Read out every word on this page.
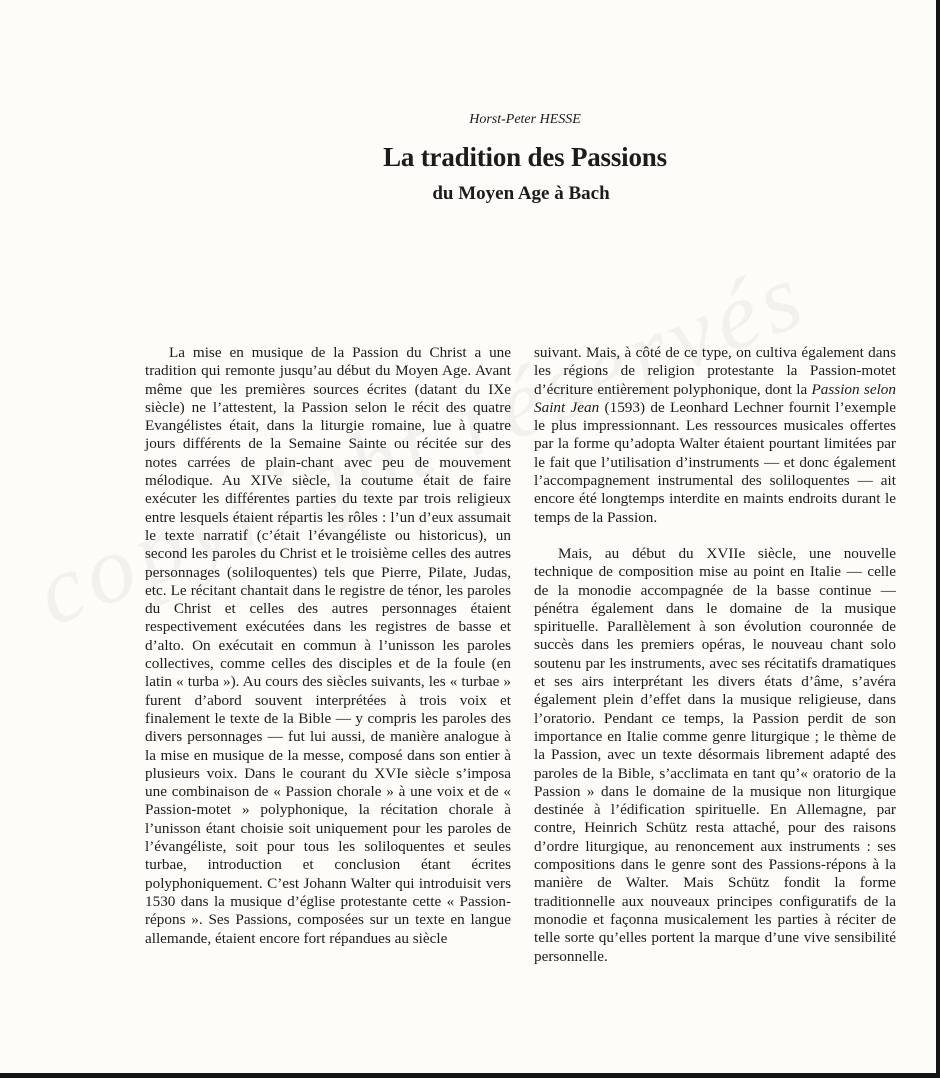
Horst-Peter HESSE
La tradition des Passions
du Moyen Age à Bach

La mise en musique de la Passion du Christ a une tradition qui remonte jusqu’au début du Moyen Age. Avant même que les premières sources écrites (datant du IXe siècle) ne l’attestent, la Passion selon le récit des quatre Evangélistes était, dans la liturgie romaine, lue à quatre jours différents de la Semaine Sainte ou récitée sur des notes carrées de plain-chant avec peu de mouvement mélodique. Au XIVe siècle, la coutume était de faire exécuter les différentes parties du texte par trois religieux entre lesquels étaient répartis les rôles : l’un d’eux assumait le texte narratif (c’était l’évangéliste ou historicus), un second les paroles du Christ et le troisième celles des autres personnages (soliloquentes) tels que Pierre, Pilate, Judas, etc. Le récitant chantait dans le registre de ténor, les paroles du Christ et celles des autres personnages étaient respectivement exécutées dans les registres de basse et d’alto. On exécutait en commun à l’unisson les paroles collectives, comme celles des disciples et de la foule (en latin « turba »). Au cours des siècles suivants, les « turbae » furent d’abord souvent interprétées à trois voix et finalement le texte de la Bible — y compris les paroles des divers personnages — fut lui aussi, de manière analogue à la mise en musique de la messe, composé dans son entier à plusieurs voix. Dans le courant du XVIe siècle s’imposa une combinaison de « Passion chorale » à une voix et de « Passion-motet » polyphonique, la récitation chorale à l’unisson étant choisie soit uniquement pour les paroles de l’évangéliste, soit pour tous les soliloquentes et seules turbae, introduction et conclusion étant écrites polyphoniquement. C’est Johann Walter qui introduisit vers 1530 dans la musique d’église protestante cette « Passion-répons ». Ses Passions, composées sur un texte en langue allemande, étaient encore fort répandues au siècle

suivant. Mais, à côté de ce type, on cultiva également dans les régions de religion protestante la Passion-motet d’écriture entièrement polyphonique, dont la Passion selon Saint Jean (1593) de Leonhard Lechner fournit l’exemple le plus impressionnant. Les ressources musicales offertes par la forme qu’adopta Walter étaient pourtant limitées par le fait que l’utilisation d’instruments — et donc également l’accompagnement instrumental des soliloquentes — ait encore été longtemps interdite en maints endroits durant le temps de la Passion.

Mais, au début du XVIIe siècle, une nouvelle technique de composition mise au point en Italie — celle de la monodie accompagnée de la basse continue — pénétra également dans le domaine de la musique spirituelle. Parallèlement à son évolution couronnée de succès dans les premiers opéras, le nouveau chant solo soutenu par les instruments, avec ses récitatifs dramatiques et ses airs interprétant les divers états d’âme, s’avéra également plein d’effet dans la musique religieuse, dans l’oratorio. Pendant ce temps, la Passion perdit de son importance en Italie comme genre liturgique ; le thème de la Passion, avec un texte désormais librement adapté des paroles de la Bible, s’acclimata en tant qu’« oratorio de la Passion » dans le domaine de la musique non liturgique destinée à l’édification spirituelle. En Allemagne, par contre, Heinrich Schütz resta attaché, pour des raisons d’ordre liturgique, au renoncement aux instruments : ses compositions dans le genre sont des Passions-répons à la manière de Walter. Mais Schütz fondit la forme traditionnelle aux nouveaux principes configuratifs de la monodie et façonna musicalement les parties à réciter de telle sorte qu’elles portent la marque d’une vive sensibilité personnelle.
